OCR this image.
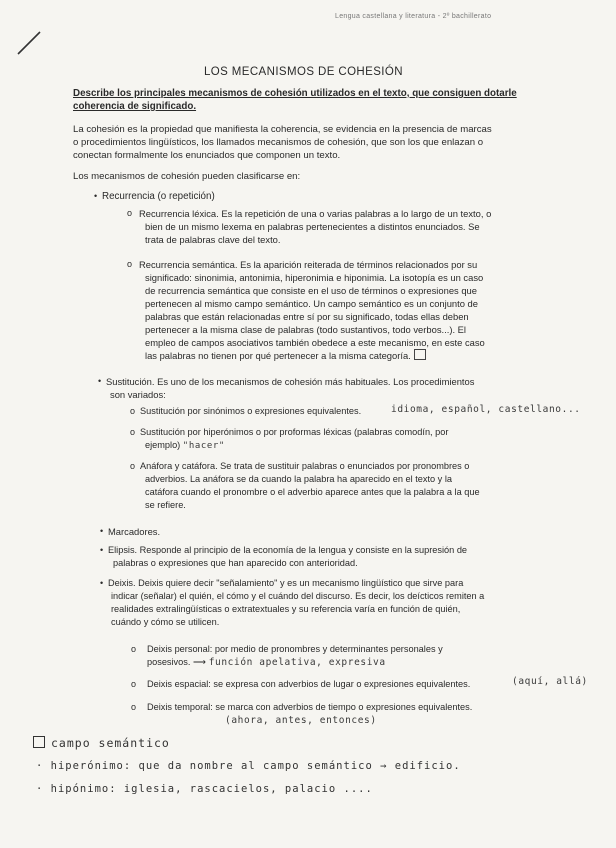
Lengua castellana y literatura - 2º bachillerato
LOS MECANISMOS DE COHESIÓN
Describe los principales mecanismos de cohesión utilizados en el texto, que consiguen dotarle
coherencia de significado.
La cohesión es la propiedad que manifiesta la coherencia, se evidencia en la presencia de marcas
o procedimientos lingüísticos, los llamados mecanismos de cohesión, que son los que enlazan o
conectan formalmente los enunciados que componen un texto.
Los mecanismos de cohesión pueden clasificarse en:
• Recurrencia (o repetición)
o Recurrencia léxica. Es la repetición de una o varias palabras a lo largo de un texto, o
bien de un mismo lexema en palabras pertenecientes a distintos enunciados. Se
trata de palabras clave del texto.
o Recurrencia semántica. Es la aparición reiterada de términos relacionados por su
significado: sinonimia, antonimia, hiperonimia e hiponimia. La isotopía es un caso
de recurrencia semántica que consiste en el uso de términos o expresiones que
pertenecen al mismo campo semántico. Un campo semántico es un conjunto de
palabras que están relacionadas entre sí por su significado, todas ellas deben
pertenecer a la misma clase de palabras (todo sustantivos, todo verbos...). El
empleo de campos asociativos también obedece a este mecanismo, en este caso
las palabras no tienen por qué pertenecer a la misma categoría.
• Sustitución. Es uno de los mecanismos de cohesión más habituales. Los procedimientos
son variados:
o Sustitución por sinónimos o expresiones equivalentes.	idioma, español, castellano...
o Sustitución por hiperónimos o por proformas léxicas (palabras comodín, por
ejemplo) "hacer"
o Anáfora y catáfora. Se trata de sustituir palabras o enunciados por pronombres o
adverbios. La anáfora se da cuando la palabra ha aparecido en el texto y la
catáfora cuando el pronombre o el adverbio aparece antes que la palabra a la que
se refiere.
• Marcadores.
• Elipsis. Responde al principio de la economía de la lengua y consiste en la supresión de
palabras o expresiones que han aparecido con anterioridad.
• Deixis. Deixis quiere decir "señalamiento" y es un mecanismo lingüístico que sirve para
indicar (señalar) el quién, el cómo y el cuándo del discurso. Es decir, los deícticos remiten a
realidades extralingüísticas o extratextuales y su referencia varía en función de quién,
cuándo y cómo se utilicen.
o Deixis personal: por medio de pronombres y determinantes personales y
posesivos. ⟶ función apelativa, expresiva
o Deixis espacial: se expresa con adverbios de lugar o expresiones equivalentes.	(aquí, allá)
o Deixis temporal: se marca con adverbios de tiempo o expresiones equivalentes.
(ahora, antes, entonces)
campo semántico
· hiperónimo: que da nombre al campo semántico → edificio.
· hipónimo: iglesia, rascacielos, palacio ....
